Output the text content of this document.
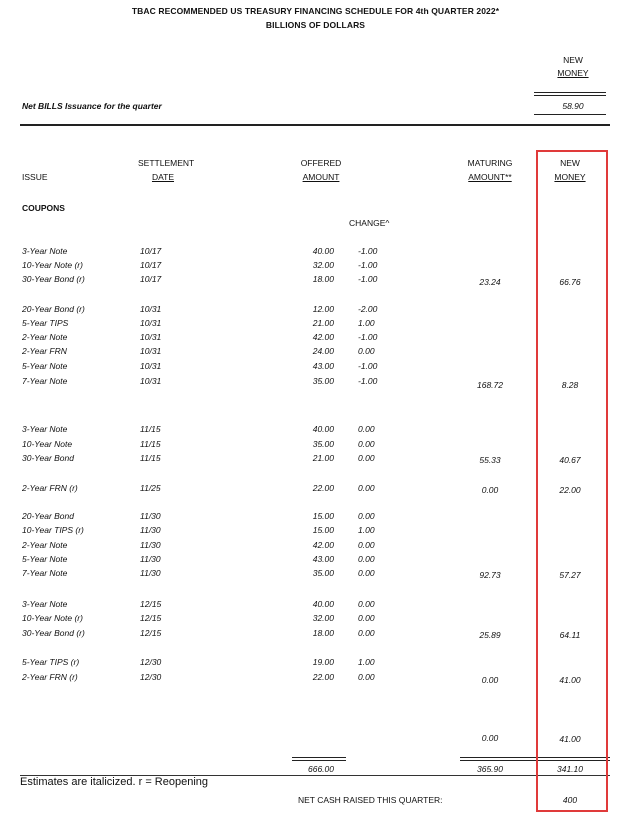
TBAC RECOMMENDED US TREASURY FINANCING SCHEDULE FOR 4th QUARTER 2022*
BILLIONS OF DOLLARS
NEW
MONEY
Net BILLS Issuance for the quarter	58.90
ISSUE
SETTLEMENT
DATE
OFFERED
AMOUNT
MATURING
AMOUNT**
NEW
MONEY
COUPONS
CHANGE^
3-Year Note	10/17	40.00	-1.00
10-Year Note (r)	10/17	32.00	-1.00
30-Year Bond (r)	10/17	18.00	-1.00	23.24	66.76
20-Year Bond (r)	10/31	12.00	-2.00
5-Year TIPS	10/31	21.00	1.00
2-Year Note	10/31	42.00	-1.00
2-Year FRN	10/31	24.00	0.00
5-Year Note	10/31	43.00	-1.00
7-Year Note	10/31	35.00	-1.00	168.72	8.28
3-Year Note	11/15	40.00	0.00
10-Year Note	11/15	35.00	0.00
30-Year Bond	11/15	21.00	0.00	55.33	40.67
2-Year FRN (r)	11/25	22.00	0.00	0.00	22.00
20-Year Bond	11/30	15.00	0.00
10-Year TIPS (r)	11/30	15.00	1.00
2-Year Note	11/30	42.00	0.00
5-Year Note	11/30	43.00	0.00
7-Year Note	11/30	35.00	0.00	92.73	57.27
3-Year Note	12/15	40.00	0.00
10-Year Note (r)	12/15	32.00	0.00
30-Year Bond (r)	12/15	18.00	0.00	25.89	64.11
5-Year TIPS (r)	12/30	19.00	1.00
2-Year FRN (r)	12/30	22.00	0.00	0.00	41.00
0.00	41.00
666.00	365.90	341.10
Estimates are italicized. r = Reopening
NET CASH RAISED THIS QUARTER:	400
